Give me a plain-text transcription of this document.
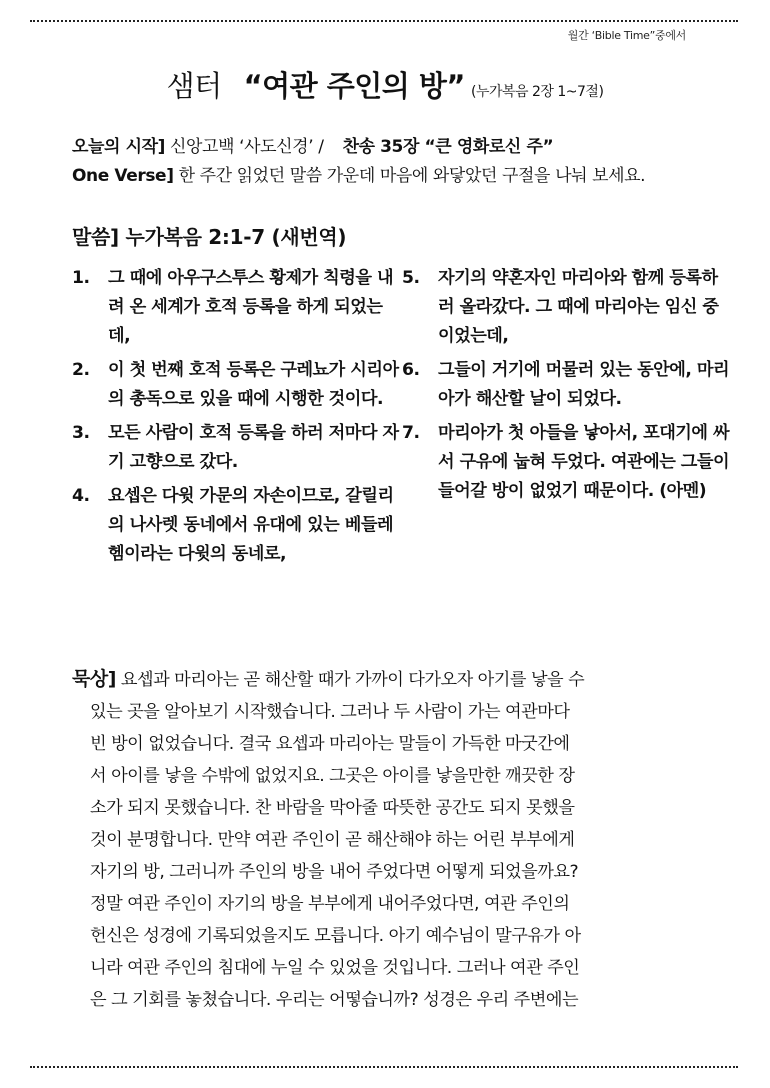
월간 ‘Bible Time”중에서
샘터 “여관 주인의 방” (누가복음 2장 1~7절)
오늘의 시작] 신앙고백 ‘사도신경’ / 찬송 35장 “큰 영화로신 주”
One Verse] 한 주간 읽었던 말씀 가운데 마음에 와닿았던 구절을 나눠 보세요.
말씀] 누가복음 2:1-7 (새번역)
1.	그 때에 아우구스투스 황제가 칙령을 내려 온 세계가 호적 등록을 하게 되었는데,
2.	이 첫 번째 호적 등록은 구레뇨가 시리아의 총독으로 있을 때에 시행한 것이다.
3.	모든 사람이 호적 등록을 하러 저마다 자기 고향으로 갔다.
4.	요셉은 다윗 가문의 자손이므로, 갈릴리의 나사렛 동네에서 유대에 있는 베들레헴이라는 다윗의 동네로,
5.	자기의 약혼자인 마리아와 함께 등록하러 올라갔다. 그 때에 마리아는 임신 중이었는데,
6.	그들이 거기에 머물러 있는 동안에, 마리아가 해산할 날이 되었다.
7.	마리아가 첫 아들을 낳아서, 포대기에 싸서 구유에 눕혀 두었다. 여관에는 그들이 들어갈 방이 없었기 때문이다. (아멘)

묵상] 요셉과 마리아는 곧 해산할 때가 가까이 다가오자 아기를 낳을 수

있는 곳을 알아보기 시작했습니다. 그러나 두 사람이 가는 여관마다

빈 방이 없었습니다. 결국 요셉과 마리아는 말들이 가득한 마굿간에

서 아이를 낳을 수밖에 없었지요. 그곳은 아이를 낳을만한 깨끗한 장

소가 되지 못했습니다. 찬 바람을 막아줄 따뜻한 공간도 되지 못했을

것이 분명합니다. 만약 여관 주인이 곧 해산해야 하는 어린 부부에게

자기의 방, 그러니까 주인의 방을 내어 주었다면 어떻게 되었을까요?

정말 여관 주인이 자기의 방을 부부에게 내어주었다면, 여관 주인의

헌신은 성경에 기록되었을지도 모릅니다. 아기 예수님이 말구유가 아

니라 여관 주인의 침대에 누일 수 있었을 것입니다. 그러나 여관 주인

은 그 기회를 놓쳤습니다. 우리는 어떻습니까? 성경은 우리 주변에는
